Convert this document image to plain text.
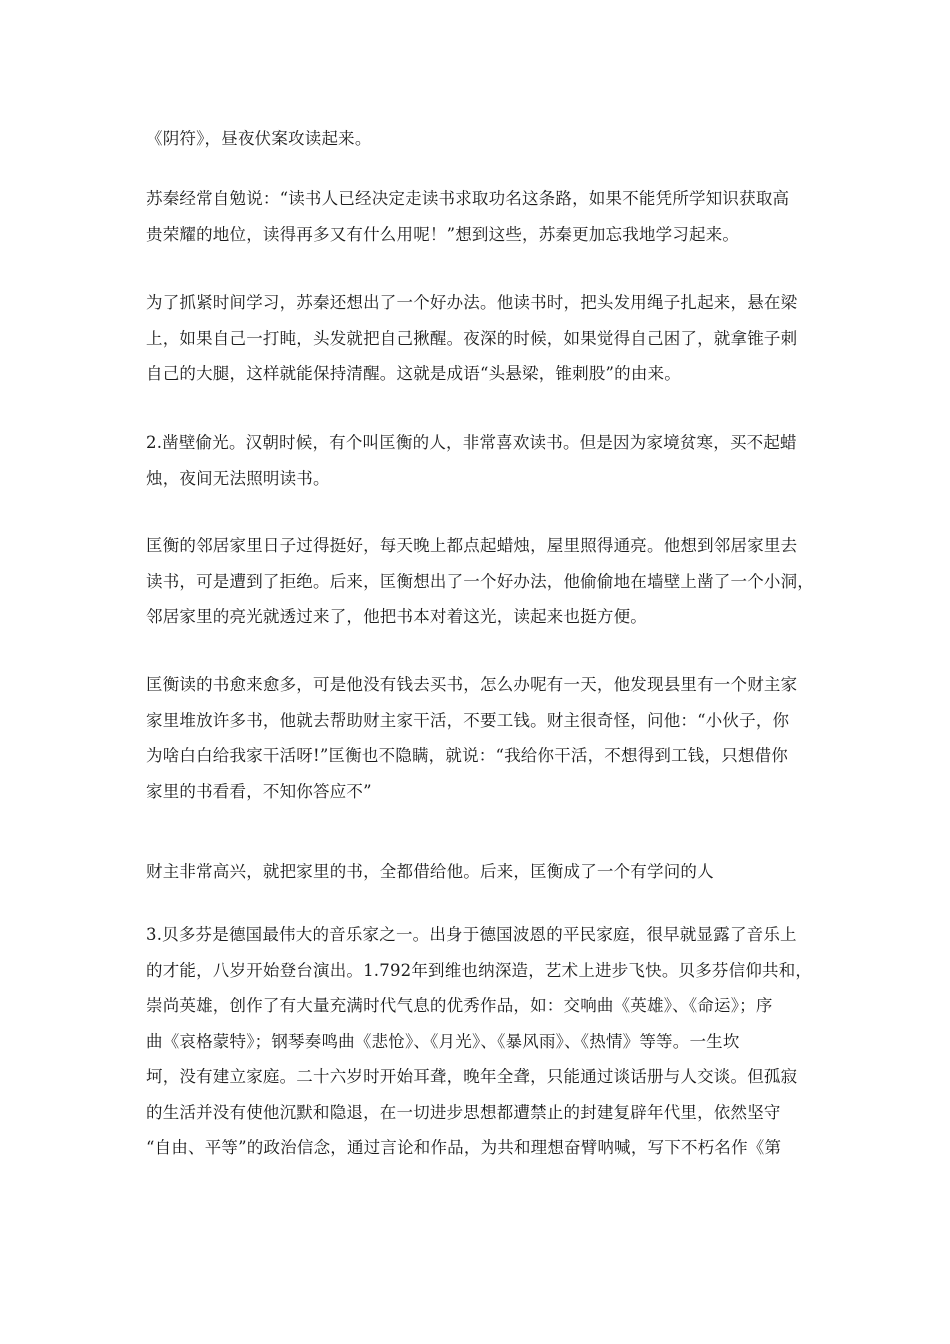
《阴符》，昼夜伏案攻读起来。

苏秦经常自勉说：“读书人已经决定走读书求取功名这条路，如果不能凭所学知识获取高
贵荣耀的地位，读得再多又有什么用呢！”想到这些，苏秦更加忘我地学习起来。

为了抓紧时间学习，苏秦还想出了一个好办法。他读书时，把头发用绳子扎起来，悬在梁
上，如果自己一打盹，头发就把自己揪醒。夜深的时候，如果觉得自己困了，就拿锥子刺
自己的大腿，这样就能保持清醒。这就是成语“头悬梁，锥刺股”的由来。

2.凿壁偷光。汉朝时候，有个叫匡衡的人，非常喜欢读书。但是因为家境贫寒，买不起蜡
烛，夜间无法照明读书。

匡衡的邻居家里日子过得挺好，每天晚上都点起蜡烛，屋里照得通亮。他想到邻居家里去
读书，可是遭到了拒绝。后来，匡衡想出了一个好办法，他偷偷地在墙壁上凿了一个小洞，
邻居家里的亮光就透过来了，他把书本对着这光，读起来也挺方便。

匡衡读的书愈来愈多，可是他没有钱去买书，怎么办呢有一天，他发现县里有一个财主家
家里堆放许多书，他就去帮助财主家干活，不要工钱。财主很奇怪，问他：“小伙子，你
为啥白白给我家干活呀!”匡衡也不隐瞒，就说：“我给你干活，不想得到工钱，只想借你
家里的书看看，不知你答应不”

财主非常高兴，就把家里的书，全都借给他。后来，匡衡成了一个有学问的人

3.贝多芬是德国最伟大的音乐家之一。出身于德国波恩的平民家庭，很早就显露了音乐上
的才能，八岁开始登台演出。1.792年到维也纳深造，艺术上进步飞快。贝多芬信仰共和，
崇尚英雄，创作了有大量充满时代气息的优秀作品，如：交响曲《英雄》、《命运》；序
曲《哀格蒙特》；钢琴奏鸣曲《悲怆》、《月光》、《暴风雨》、《热情》等等。一生坎
坷，没有建立家庭。二十六岁时开始耳聋，晚年全聋，只能通过谈话册与人交谈。但孤寂
的生活并没有使他沉默和隐退，在一切进步思想都遭禁止的封建复辟年代里，依然坚守
“自由、平等”的政治信念，通过言论和作品，为共和理想奋臂呐喊，写下不朽名作《第
